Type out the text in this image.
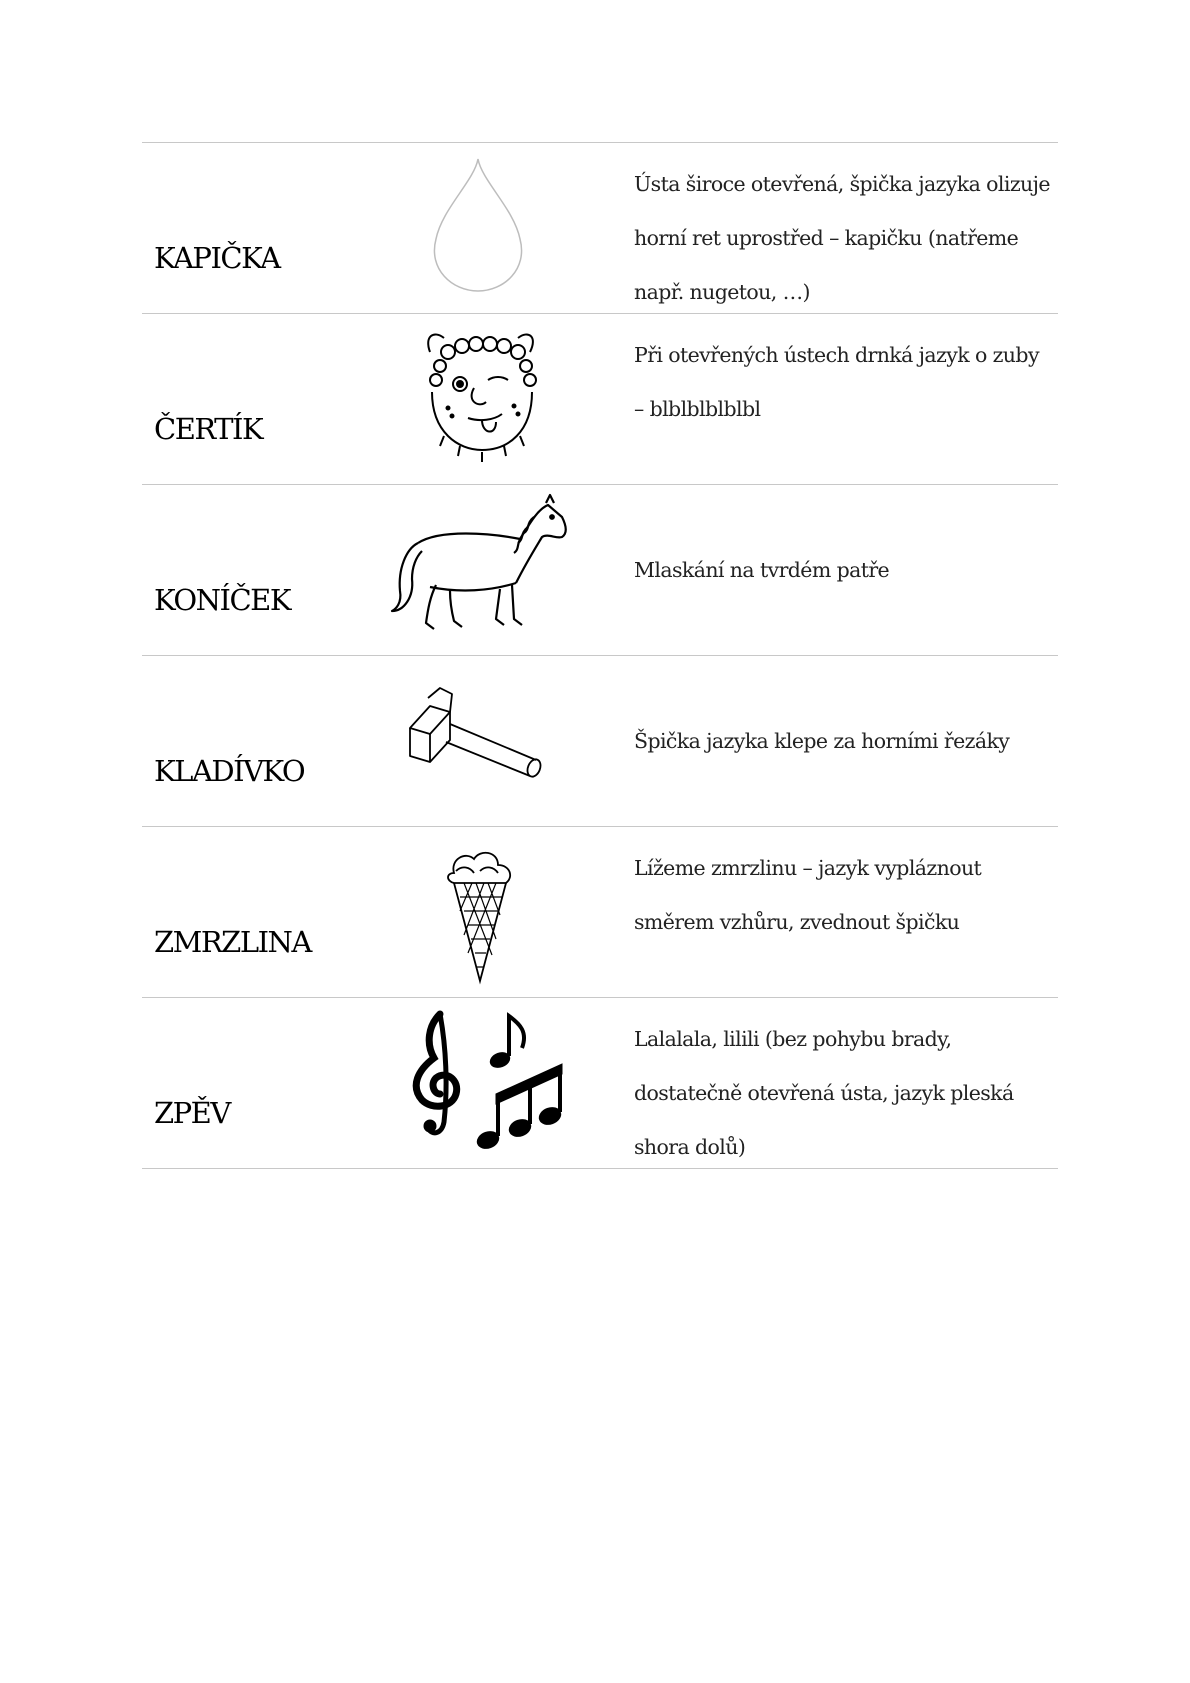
KAPIČKA
Ústa široce otevřená, špička jazyka olizuje horní ret uprostřed – kapičku (natřeme např. nugetou, …)
ČERTÍK
Při otevřených ústech drnká jazyk o zuby – blblblblblbl
KONÍČEK
Mlaskání na tvrdém patře
KLADÍVKO
Špička jazyka klepe za horními řezáky
ZMRZLINA
Lížeme zmrzlinu – jazyk vypláznout směrem vzhůru, zvednout špičku
ZPĚV
Lalalala, lilili (bez pohybu brady, dostatečně otevřená ústa, jazyk pleská shora dolů)
